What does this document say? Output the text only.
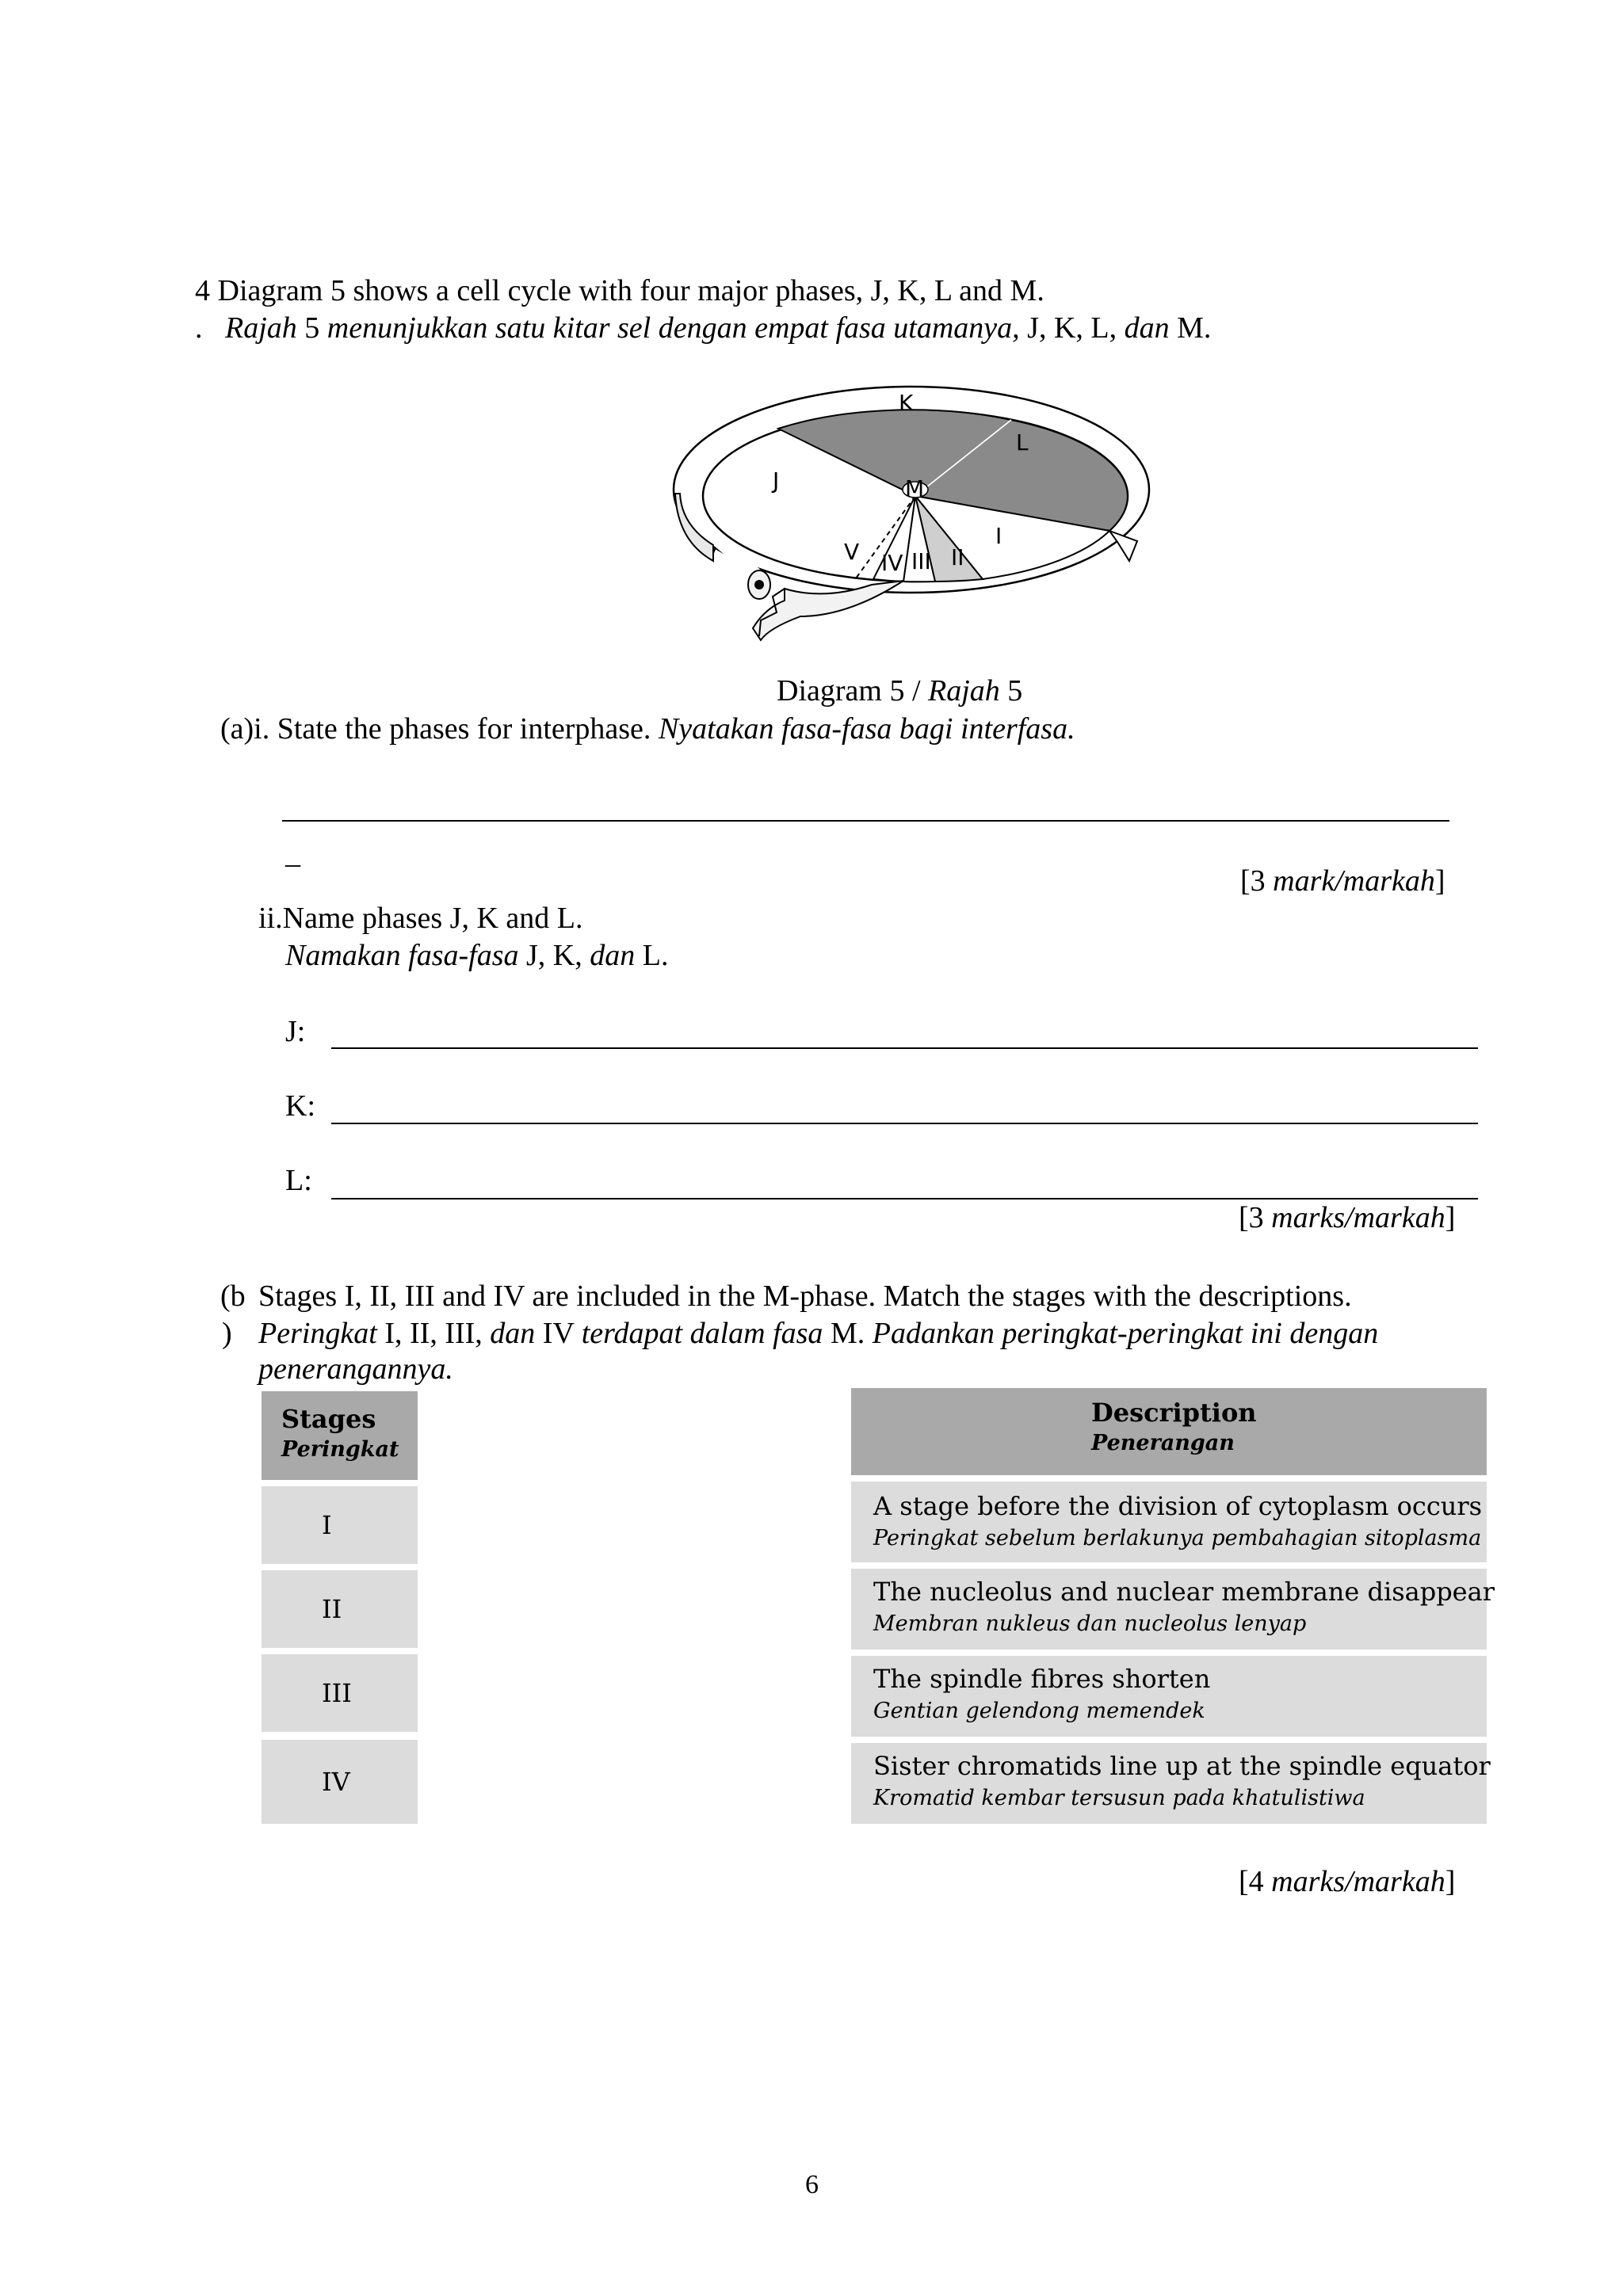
4 Diagram 5 shows a cell cycle with four major phases, J, K, L and M.
. Rajah 5 menunjukkan satu kitar sel dengan empat fasa utamanya, J, K, L, dan M.
K
L
J	M
I
II
III
IV
V
Diagram 5 / Rajah 5
(a)i. State the phases for interphase. Nyatakan fasa-fasa bagi interfasa.
_
[3 mark/markah]
ii.Name phases J, K and L.
Namakan fasa-fasa J, K, dan L.
J:
K:
L:
[3 marks/markah]
(b
)
Stages I, II, III and IV are included in the M-phase. Match the stages with the descriptions.
Peringkat I, II, III, dan IV terdapat dalam fasa M. Padankan peringkat-peringkat ini dengan
penerangannya.
Stages
Peringkat
I
II
III
IV
Description
Penerangan
A stage before the division of cytoplasm occurs
Peringkat sebelum berlakunya pembahagian sitoplasma
The nucleolus and nuclear membrane disappear
Membran nukleus dan nucleolus lenyap
The spindle fibres shorten
Gentian gelendong memendek
Sister chromatids line up at the spindle equator
Kromatid kembar tersusun pada khatulistiwa
[4 marks/markah]
6
